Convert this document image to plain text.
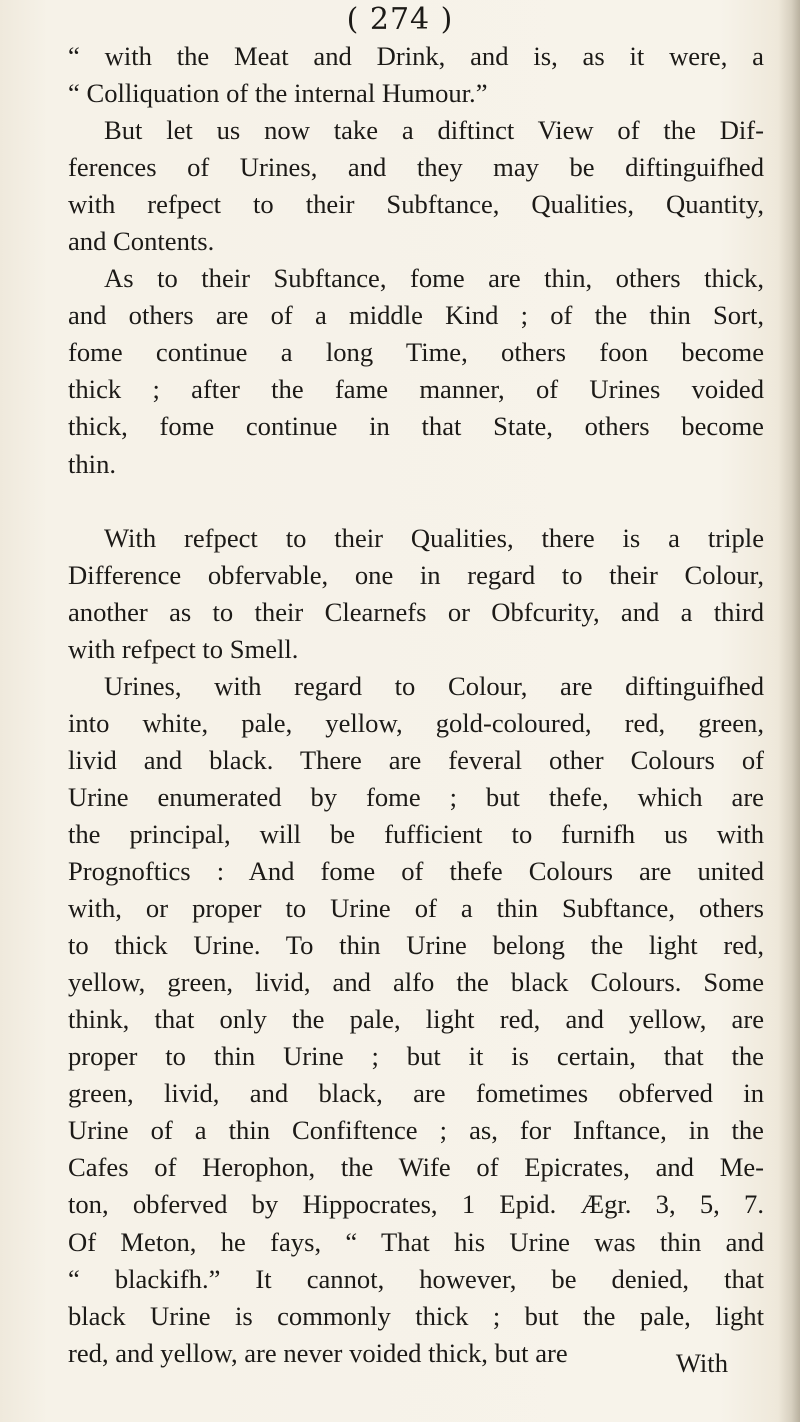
( 274 )
“ with the Meat and Drink, and is, as it were, a
“ Colliquation of the internal Humour.”
But let us now take a diftinct View of the Dif-
ferences of Urines, and they may be diftinguifhed
with refpect to their Subftance, Qualities, Quantity,
and Contents.
As to their Subftance, fome are thin, others thick,
and others are of a middle Kind ; of the thin Sort,
fome continue a long Time, others foon become
thick ; after the fame manner, of Urines voided
thick, fome continue in that State, others become
thin.
With refpect to their Qualities, there is a triple
Difference obfervable, one in regard to their Colour,
another as to their Clearnefs or Obfcurity, and a third
with refpect to Smell.
Urines, with regard to Colour, are diftinguifhed
into white, pale, yellow, gold-coloured, red, green,
livid and black. There are feveral other Colours of
Urine enumerated by fome ; but thefe, which are
the principal, will be fufficient to furnifh us with
Prognoftics : And fome of thefe Colours are united
with, or proper to Urine of a thin Subftance, others
to thick Urine. To thin Urine belong the light red,
yellow, green, livid, and alfo the black Colours. Some
think, that only the pale, light red, and yellow, are
proper to thin Urine ; but it is certain, that the
green, livid, and black, are fometimes obferved in
Urine of a thin Confiftence ; as, for Inftance, in the
Cafes of Herophon, the Wife of Epicrates, and Me-
ton, obferved by Hippocrates, 1 Epid. Ægr. 3, 5, 7.
Of Meton, he fays, “ That his Urine was thin and
“ blackifh.” It cannot, however, be denied, that
black Urine is commonly thick ; but the pale, light
red, and yellow, are never voided thick, but are	With
